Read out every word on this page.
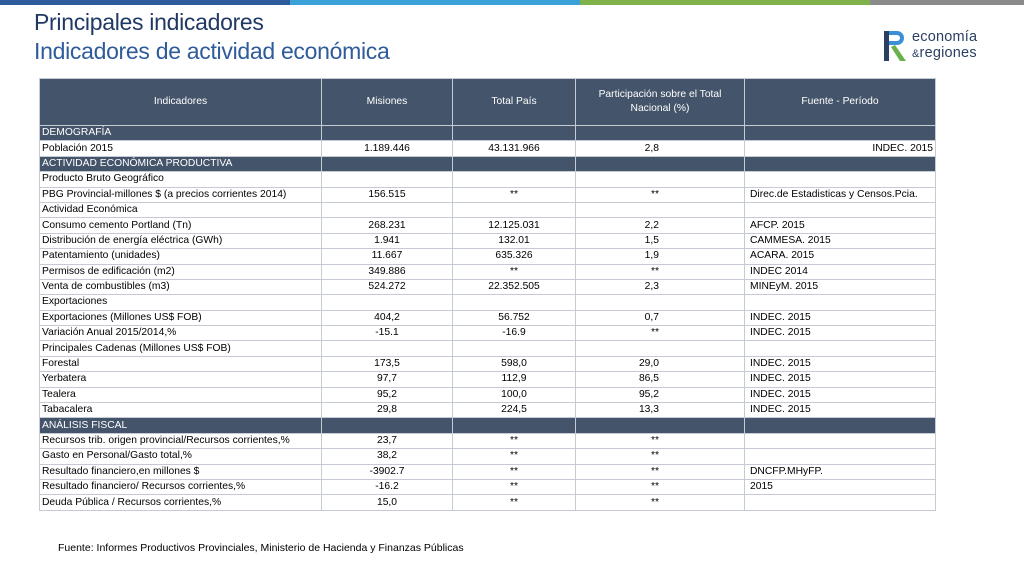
Principales indicadores
Indicadores de actividad económica
economía
&regiones
Indicadores	Misiones	Total País	Participación sobre el Total Nacional (%)	Fuente - Período
DEMOGRAFÍA				
Población 2015	1.189.446	43.131.966	2,8	INDEC. 2015
ACTIVIDAD ECONÓMICA PRODUCTIVA				
Producto Bruto Geográfico				
PBG Provincial-millones $ (a precios corrientes 2014)	156.515	**	**	Direc.de Estadisticas y Censos.Pcia.
Actividad Económica				
Consumo cemento Portland (Tn)	268.231	12.125.031	2,2	AFCP. 2015
Distribución de energía eléctrica (GWh)	1.941	132.01	1,5	CAMMESA. 2015
Patentamiento (unidades)	11.667	635.326	1,9	ACARA. 2015
Permisos de edificación (m2)	349.886	**	**	INDEC 2014
Venta de combustibles (m3)	524.272	22.352.505	2,3	MINEyM. 2015
Exportaciones				
Exportaciones (Millones US$ FOB)	404,2	56.752	0,7	INDEC. 2015
Variación Anual 2015/2014,%	-15.1	-16.9	**	INDEC. 2015
Principales Cadenas (Millones US$ FOB)				
Forestal	173,5	598,0	29,0	INDEC. 2015
Yerbatera	97,7	112,9	86,5	INDEC. 2015
Tealera	95,2	100,0	95,2	INDEC. 2015
Tabacalera	29,8	224,5	13,3	INDEC. 2015
ANÁLISIS FISCAL				
Recursos trib. origen provincial/Recursos corrientes,%	23,7	**	**	
Gasto en Personal/Gasto total,%	38,2	**	**	
Resultado financiero,en millones $	-3902.7	**	**	DNCFP.MHyFP.
Resultado financiero/ Recursos corrientes,%	-16.2	**	**	2015
Deuda Pública / Recursos corrientes,%	15,0	**	**	
Fuente: Informes Productivos Provinciales, Ministerio de Hacienda y Finanzas Públicas
